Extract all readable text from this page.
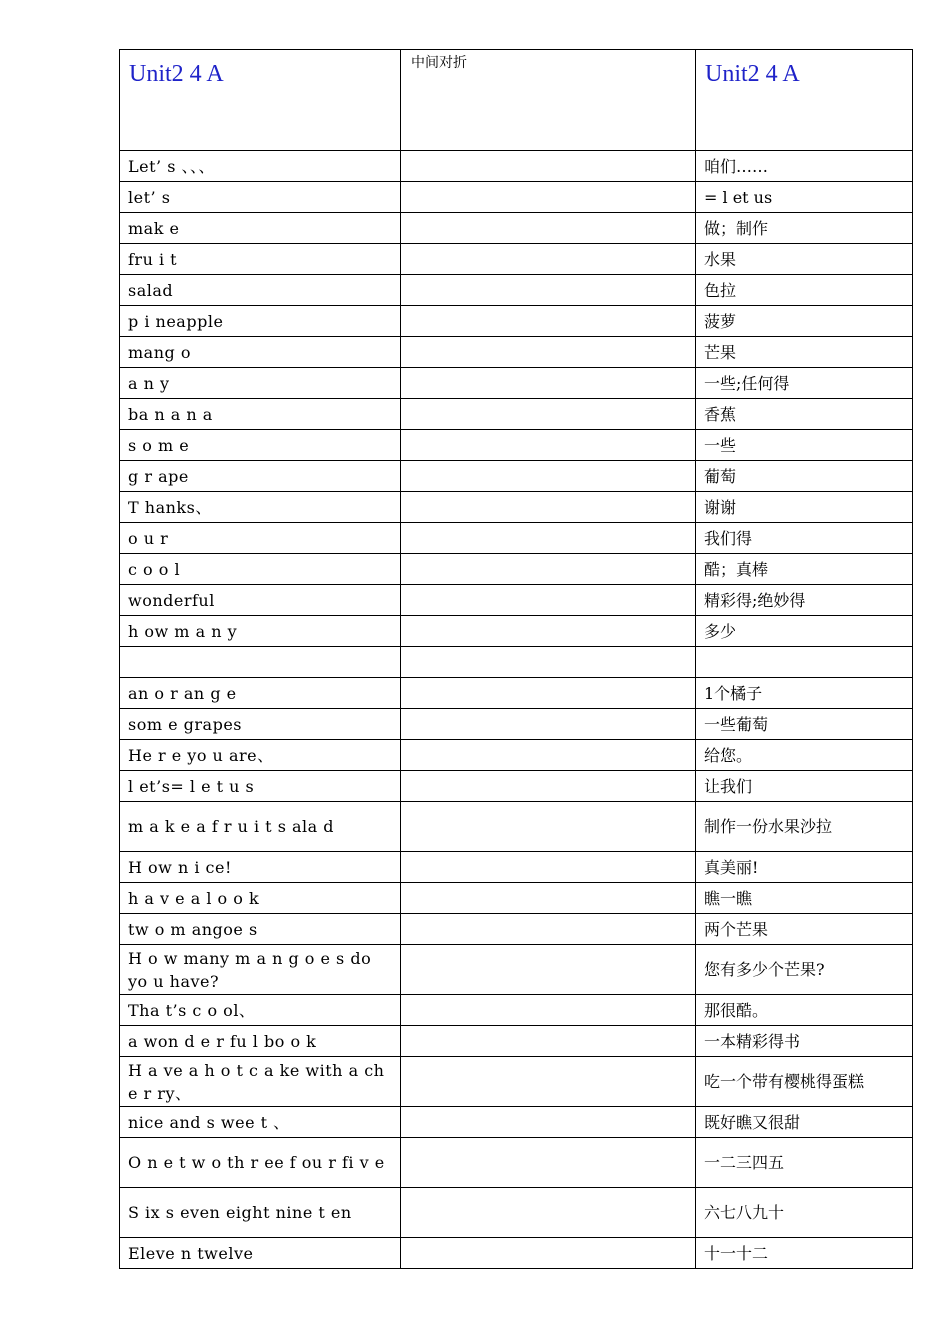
Unit2 4 A	中间对折	Unit2 4 A

Let’ s 、、、		咱们……
let’ s		= l et us
mak e		做；制作
fru i t		水果
salad		色拉
p i neapple		菠萝
mang o		芒果
a n y		一些;任何得
ba n a n a		香蕉
s o m e		一些
g r ape		葡萄
T hanks、		谢谢
o u r		我们得
c o o l		酷；真棒
wonderful		精彩得;绝妙得
h ow m a n y		多少

an o r an g e		1个橘子
som e grapes		一些葡萄
He r e yo u are、		给您。
l et’s= l e t u s		让我们
m a k e a f r u i t s ala d		制作一份水果沙拉
H ow n i ce!		真美丽!
h a v e a l o o k		瞧一瞧
tw o m angoe s		两个芒果
H o w many m a n g o e s do yo u have?		您有多少个芒果?
Tha t’s c o ol、		那很酷。
a won d e r fu l bo o k		一本精彩得书
H a ve a h o t c a ke with a ch e r ry、		吃一个带有樱桃得蛋糕
nice and s wee t 、		既好瞧又很甜
O n e t w o th r ee f ou r fi v e		一二三四五
S ix s even eight nine t en		六七八九十
Eleve n twelve		十一十二
